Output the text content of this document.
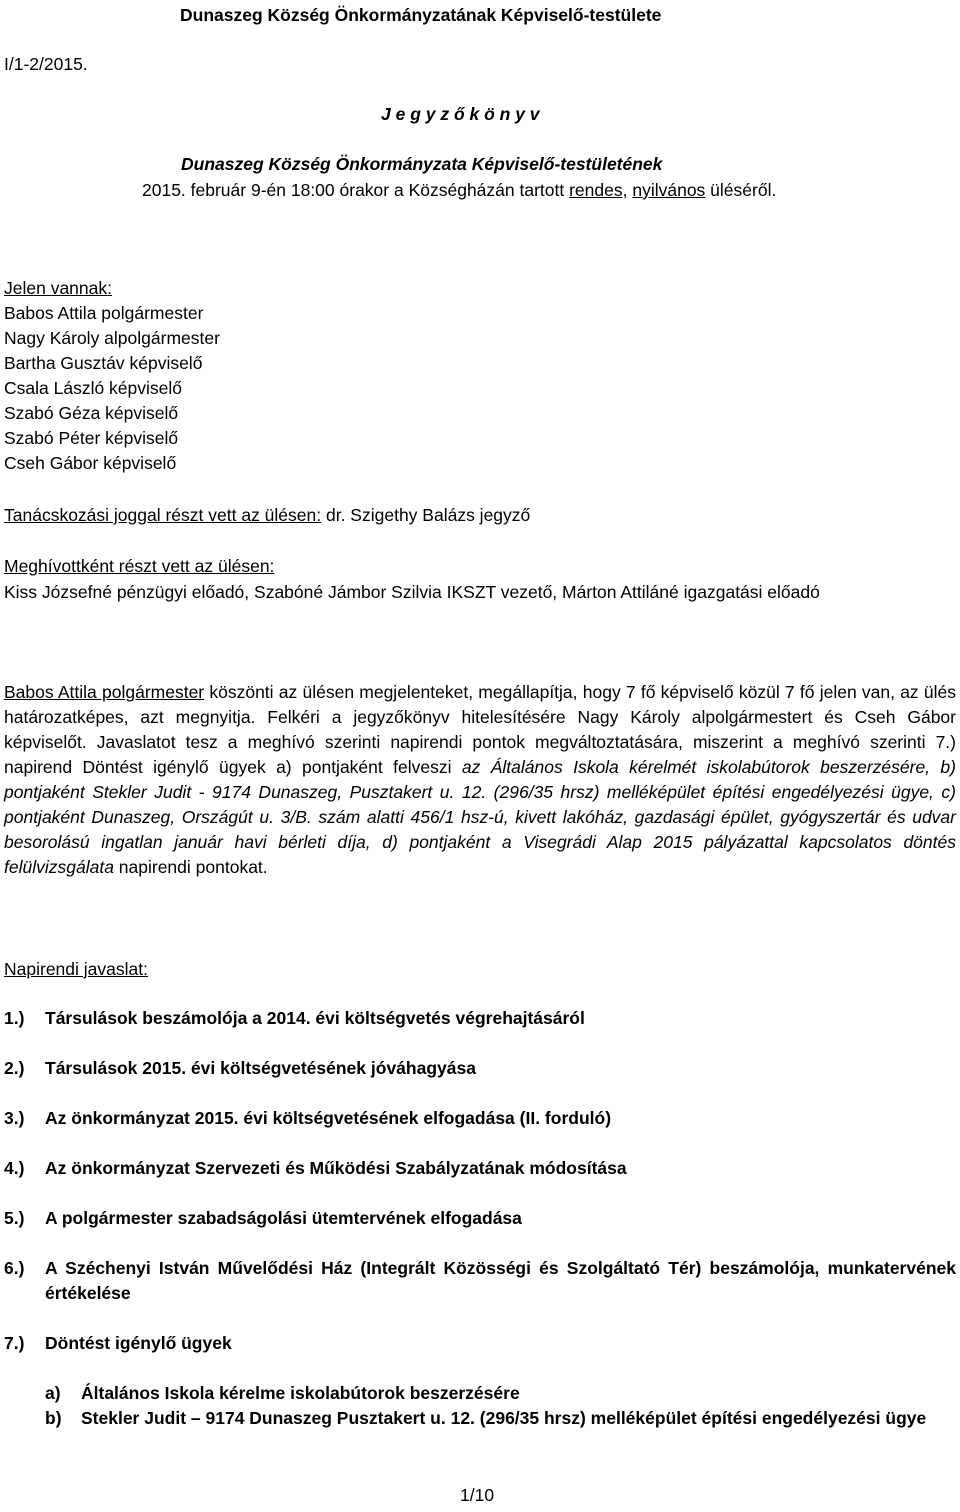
Dunaszeg Község Önkormányzatának Képviselő-testülete
I/1-2/2015.
J e g y z ő k ö n y v
Dunaszeg Község Önkormányzata Képviselő-testületének
2015. február 9-én 18:00 órakor a Községházán tartott rendes, nyilvános üléséről.
Jelen vannak:
Babos Attila polgármester
Nagy Károly alpolgármester
Bartha Gusztáv képviselő
Csala László képviselő
Szabó Géza képviselő
Szabó Péter képviselő
Cseh Gábor képviselő
Tanácskozási joggal részt vett az ülésen: dr. Szigethy Balázs jegyző
Meghívottként részt vett az ülésen:
Kiss Józsefné pénzügyi előadó, Szabóné Jámbor Szilvia IKSZT vezető, Márton Attiláné igazgatási előadó
Babos Attila polgármester köszönti az ülésen megjelenteket, megállapítja, hogy 7 fő képviselő közül 7 fő jelen van, az ülés határozatképes, azt megnyitja. Felkéri a jegyzőkönyv hitelesítésére Nagy Károly alpolgármestert és Cseh Gábor képviselőt. Javaslatot tesz a meghívó szerinti napirendi pontok megváltoztatására, miszerint a meghívó szerinti 7.) napirend Döntést igénylő ügyek a) pontjaként felveszi az Általános Iskola kérelmét iskolabútorok beszerzésére, b) pontjaként Stekler Judit - 9174 Dunaszeg, Pusztakert u. 12. (296/35 hrsz) melléképület építési engedélyezési ügye, c) pontjaként Dunaszeg, Országút u. 3/B. szám alatti 456/1 hsz-ú, kivett lakóház, gazdasági épület, gyógyszertár és udvar besorolású ingatlan január havi bérleti díja, d) pontjaként a Visegrádi Alap 2015 pályázattal kapcsolatos döntés felülvizsgálata napirendi pontokat.
Napirendi javaslat:
1.)	Társulások beszámolója a 2014. évi költségvetés végrehajtásáról
2.)	Társulások 2015. évi költségvetésének jóváhagyása
3.)	Az önkormányzat 2015. évi költségvetésének elfogadása (II. forduló)
4.)	Az önkormányzat Szervezeti és Működési Szabályzatának módosítása
5.)	A polgármester szabadságolási ütemtervének elfogadása
6.)	A Széchenyi István Művelődési Ház (Integrált Közösségi és Szolgáltató Tér) beszámolója, munkatervének értékelése
7.)	Döntést igénylő ügyek
a)	Általános Iskola kérelme iskolabútorok beszerzésére
b)	Stekler Judit – 9174 Dunaszeg Pusztakert u. 12. (296/35 hrsz) melléképület építési engedélyezési ügye
1/10
